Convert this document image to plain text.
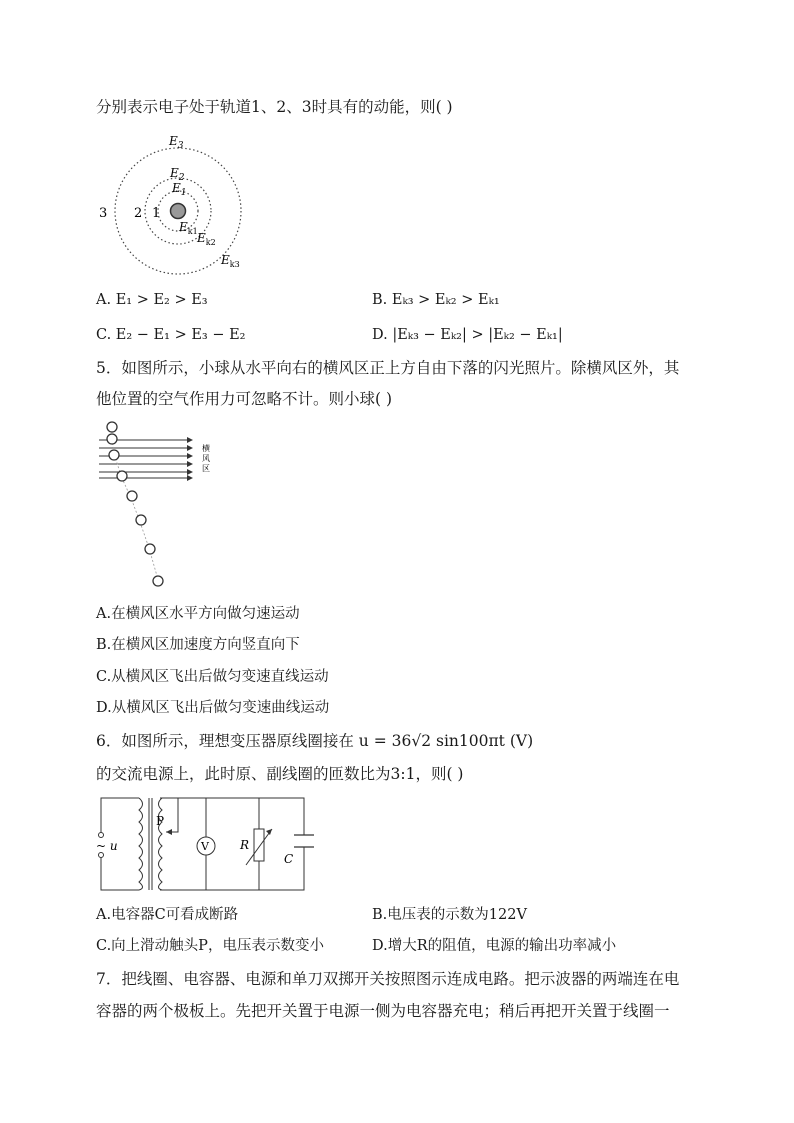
分别表示电子处于轨道1、2、3时具有的动能，则( )
3 2 1
$E_3$
$E_2$
$E_1$
$E_{k1}$ $E_{k2}$
$E_{k3}$
A. E₁ > E₂ > E₃	B. Eₖ₃ > Eₖ₂ > Eₖ₁
C. E₂ − E₁ > E₃ − E₂	D. |Eₖ₃ − Eₖ₂| > |Eₖ₂ − Eₖ₁|
5．如图所示，小球从水平向右的横风区正上方自由下落的闪光照片。除横风区外，其
他位置的空气作用力可忽略不计。则小球( )
横
风
区
A.在横风区水平方向做匀速运动
B.在横风区加速度方向竖直向下
C.从横风区飞出后做匀变速直线运动
D.从横风区飞出后做匀变速曲线运动
6．如图所示，理想变压器原线圈接在 u = 36√2 sin100πt (V)
的交流电源上，此时原、副线圈的匝数比为3:1，则( )
~ u
P
V	R
C
A.电容器C可看成断路	B.电压表的示数为122V
C.向上滑动触头P，电压表示数变小	D.增大R的阻值，电源的输出功率减小
7．把线圈、电容器、电源和单刀双掷开关按照图示连成电路。把示波器的两端连在电
容器的两个极板上。先把开关置于电源一侧为电容器充电；稍后再把开关置于线圈一
